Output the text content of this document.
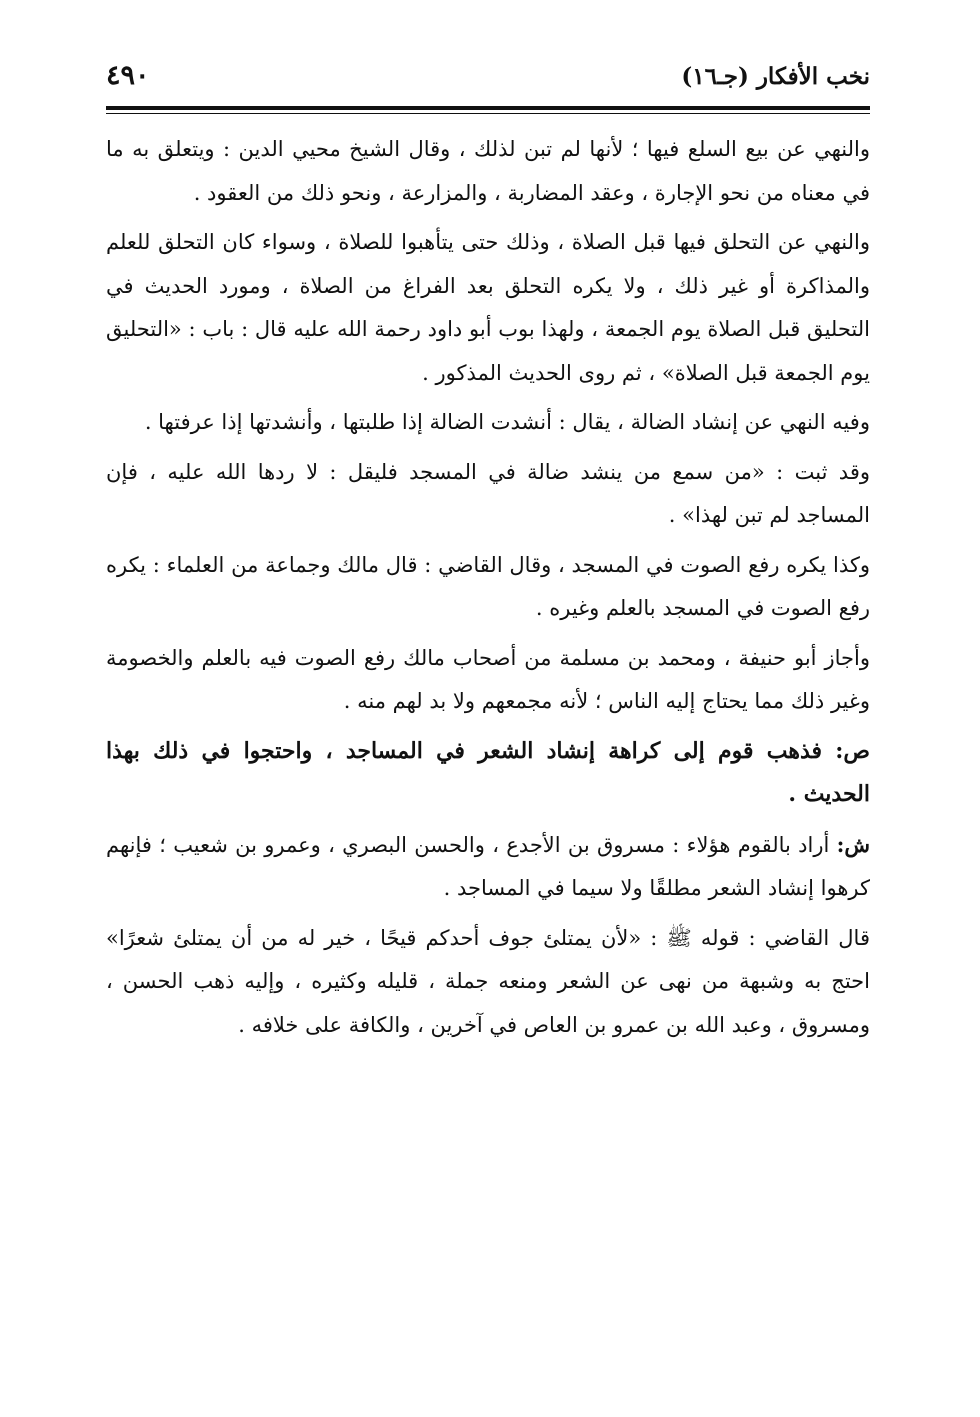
نخب الأفكار (جـ١٦)
٤٩٠

والنهي عن بيع السلع فيها ؛ لأنها لم تبن لذلك ، وقال الشيخ محيي الدين : ويتعلق به ما في معناه من نحو الإجارة ، وعقد المضاربة ، والمزارعة ، ونحو ذلك من العقود .

والنهي عن التحلق فيها قبل الصلاة ، وذلك حتى يتأهبوا للصلاة ، وسواء كان التحلق للعلم والمذاكرة أو غير ذلك ، ولا يكره التحلق بعد الفراغ من الصلاة ، ومورد الحديث في التحليق قبل الصلاة يوم الجمعة ، ولهذا بوب أبو داود رحمة الله عليه قال : باب : «التحليق يوم الجمعة قبل الصلاة» ، ثم روى الحديث المذكور .

وفيه النهي عن إنشاد الضالة ، يقال : أنشدت الضالة إذا طلبتها ، وأنشدتها إذا عرفتها .

وقد ثبت : «من سمع من ينشد ضالة في المسجد فليقل : لا ردها الله عليه ، فإن المساجد لم تبن لهذا» .

وكذا يكره رفع الصوت في المسجد ، وقال القاضي : قال مالك وجماعة من العلماء : يكره رفع الصوت في المسجد بالعلم وغيره .

وأجاز أبو حنيفة ، ومحمد بن مسلمة من أصحاب مالك رفع الصوت فيه بالعلم والخصومة وغير ذلك مما يحتاج إليه الناس ؛ لأنه مجمعهم ولا بد لهم منه .

ص: فذهب قوم إلى كراهة إنشاد الشعر في المساجد ، واحتجوا في ذلك بهذا الحديث .

ش: أراد بالقوم هؤلاء : مسروق بن الأجدع ، والحسن البصري ، وعمرو بن شعيب ؛ فإنهم كرهوا إنشاد الشعر مطلقًا ولا سيما في المساجد .

قال القاضي : قوله ﷺ : «لأن يمتلئ جوف أحدكم قيحًا ، خير له من أن يمتلئ شعرًا» احتج به وشبهة من نهى عن الشعر ومنعه جملة ، قليله وكثيره ، وإليه ذهب الحسن ، ومسروق ، وعبد الله بن عمرو بن العاص في آخرين ، والكافة على خلافه .
